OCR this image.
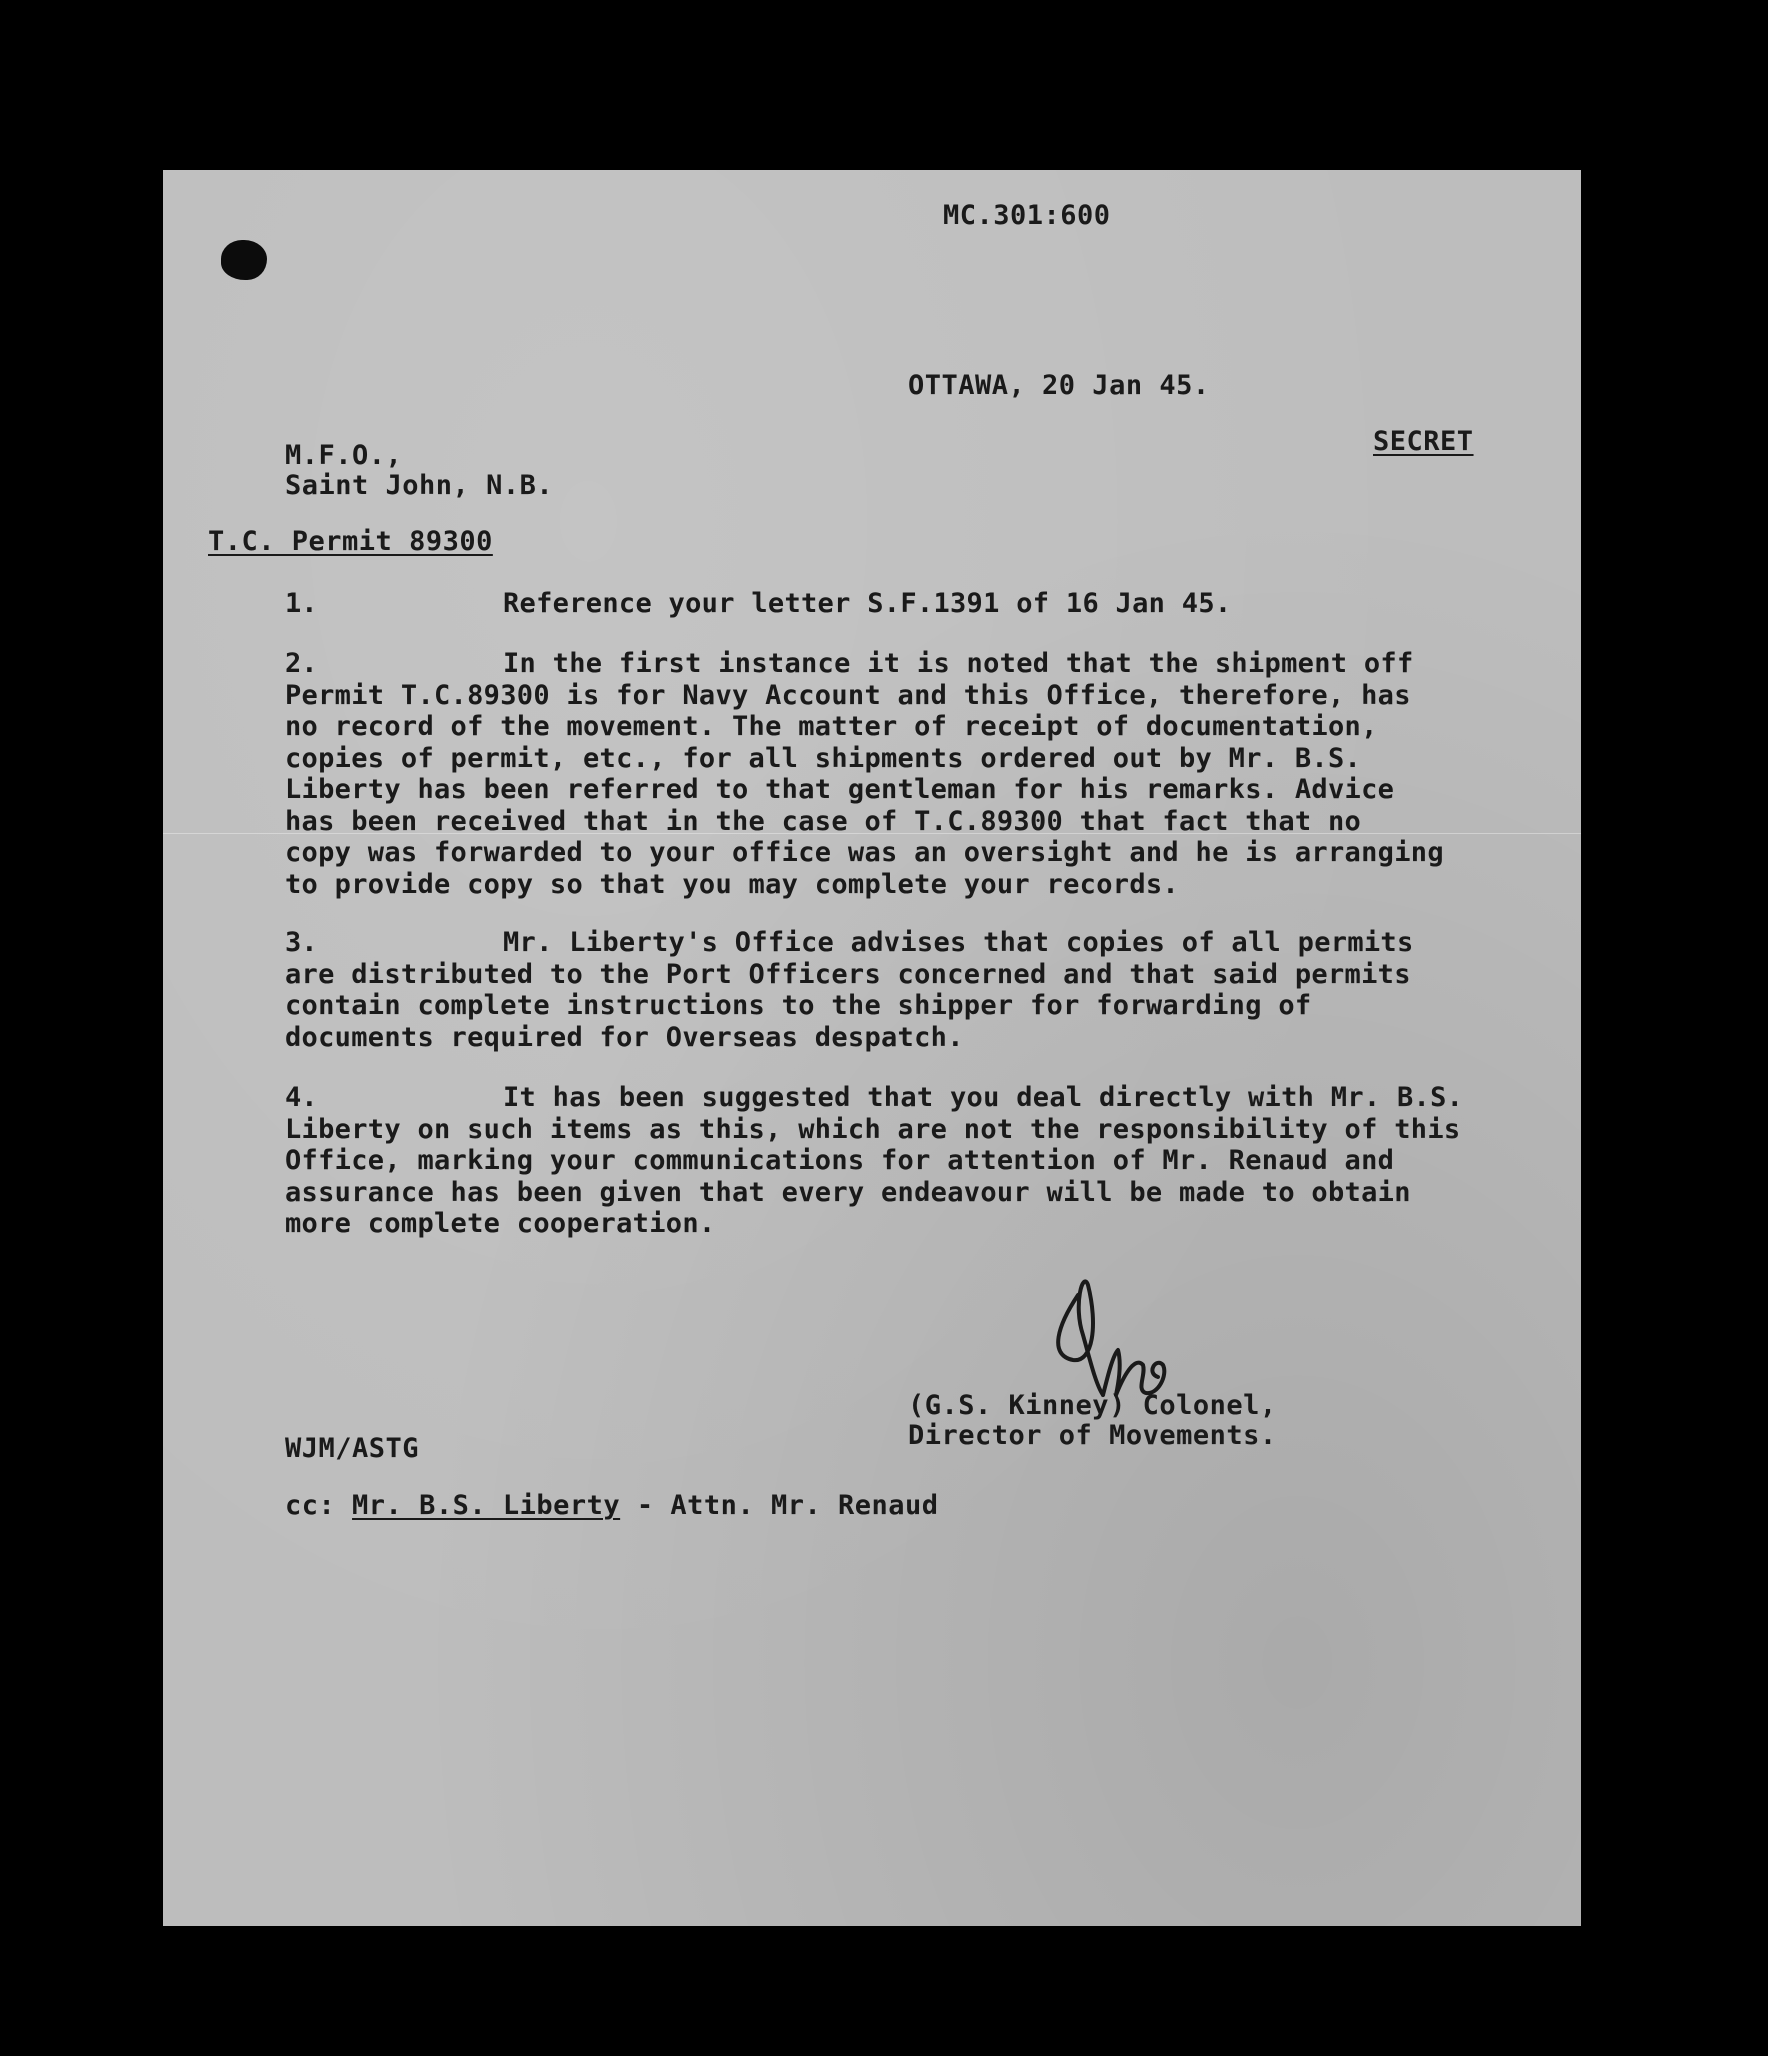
MC.301:600
OTTAWA, 20 Jan 45.
SECRET
M.F.O.,
Saint John, N.B.
T.C. Permit 89300
1.	Reference your letter S.F.1391 of 16 Jan 45.
2.	In the first instance it is noted that the shipment off
Permit T.C.89300 is for Navy Account and this Office, therefore, has
no record of the movement. The matter of receipt of documentation,
copies of permit, etc., for all shipments ordered out by Mr. B.S.
Liberty has been referred to that gentleman for his remarks. Advice
has been received that in the case of T.C.89300 that fact that no
copy was forwarded to your office was an oversight and he is arranging
to provide copy so that you may complete your records.
3.	Mr. Liberty's Office advises that copies of all permits
are distributed to the Port Officers concerned and that said permits
contain complete instructions to the shipper for forwarding of
documents required for Overseas despatch.
4.	It has been suggested that you deal directly with Mr. B.S.
Liberty on such items as this, which are not the responsibility of this
Office, marking your communications for attention of Mr. Renaud and
assurance has been given that every endeavour will be made to obtain
more complete cooperation.
(G.S. Kinney) Colonel,
Director of Movements.
WJM/ASTG
cc: Mr. B.S. Liberty - Attn. Mr. Renaud
